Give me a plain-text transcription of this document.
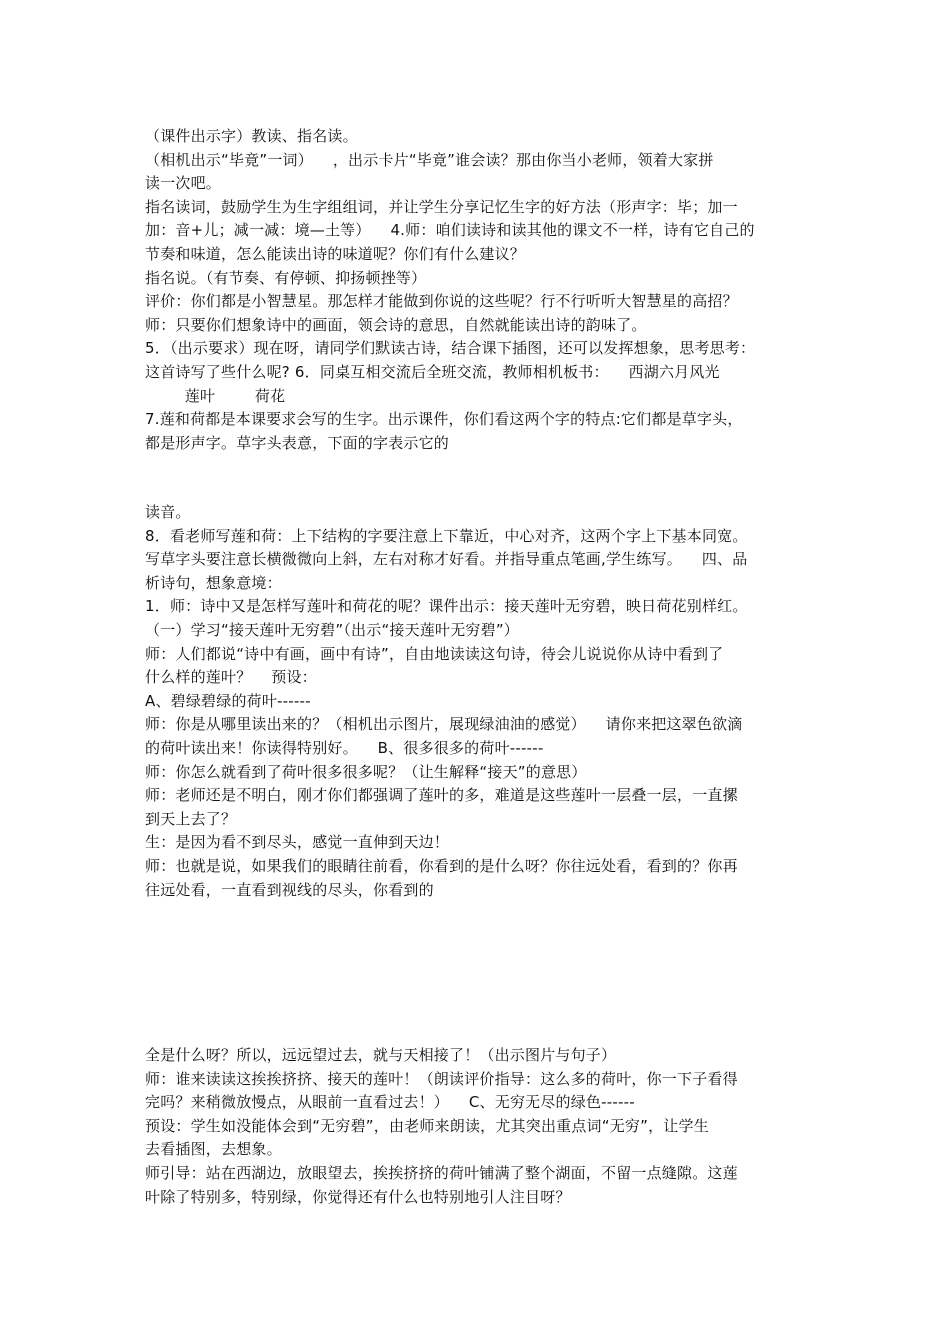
（课件出示字）教读、指名读。
（相机出示“毕竟”一词）    ，出示卡片“毕竟”谁会读？那由你当小老师，领着大家拼
读一次吧。
指名读词，鼓励学生为生字组组词，并让学生分享记忆生字的好方法（形声字：毕；加一
加：音+儿；减一减：境—土等）    4.师：咱们读诗和读其他的课文不一样，诗有它自己的
节奏和味道，怎么能读出诗的味道呢？你们有什么建议？
指名说。（有节奏、有停顿、抑扬顿挫等）
评价：你们都是小智慧星。那怎样才能做到你说的这些呢？行不行听听大智慧星的高招？
师：只要你们想象诗中的画面，领会诗的意思，自然就能读出诗的韵味了。
5．（出示要求）现在呀，请同学们默读古诗，结合课下插图，还可以发挥想象，思考思考：
这首诗写了些什么呢? 6．同桌互相交流后全班交流，教师相机板书：    西湖六月风光
莲叶        荷花
7.莲和荷都是本课要求会写的生字。出示课件，你们看这两个字的特点:它们都是草字头，
都是形声字。草字头表意，下面的字表示它的
读音。
8．看老师写莲和荷：上下结构的字要注意上下靠近，中心对齐，这两个字上下基本同宽。
写草字头要注意长横微微向上斜，左右对称才好看。并指导重点笔画,学生练写。    四、品
析诗句，想象意境：
1．师：诗中又是怎样写莲叶和荷花的呢？课件出示：接天莲叶无穷碧，映日荷花别样红。
（一）学习“接天莲叶无穷碧”（出示“接天莲叶无穷碧”）
师：人们都说“诗中有画，画中有诗”，自由地读读这句诗，待会儿说说你从诗中看到了
什么样的莲叶？    预设：
A、碧绿碧绿的荷叶------
师：你是从哪里读出来的？（相机出示图片，展现绿油油的感觉）    请你来把这翠色欲滴
的荷叶读出来！你读得特别好。    B、很多很多的荷叶------
师：你怎么就看到了荷叶很多很多呢？（让生解释“接天”的意思）
师：老师还是不明白，刚才你们都强调了莲叶的多，难道是这些莲叶一层叠一层，一直摞
到天上去了？
生：是因为看不到尽头，感觉一直伸到天边！
师：也就是说，如果我们的眼睛往前看，你看到的是什么呀？你往远处看，看到的？你再
往远处看，一直看到视线的尽头，你看到的
全是什么呀？所以，远远望过去，就与天相接了！（出示图片与句子）
师：谁来读读这挨挨挤挤、接天的莲叶！（朗读评价指导：这么多的荷叶，你一下子看得
完吗？来稍微放慢点，从眼前一直看过去！）    C、无穷无尽的绿色------
预设：学生如没能体会到“无穷碧”，由老师来朗读，尤其突出重点词“无穷”，让学生
去看插图，去想象。
师引导：站在西湖边，放眼望去，挨挨挤挤的荷叶铺满了整个湖面，不留一点缝隙。这莲
叶除了特别多，特别绿，你觉得还有什么也特别地引人注目呀？
